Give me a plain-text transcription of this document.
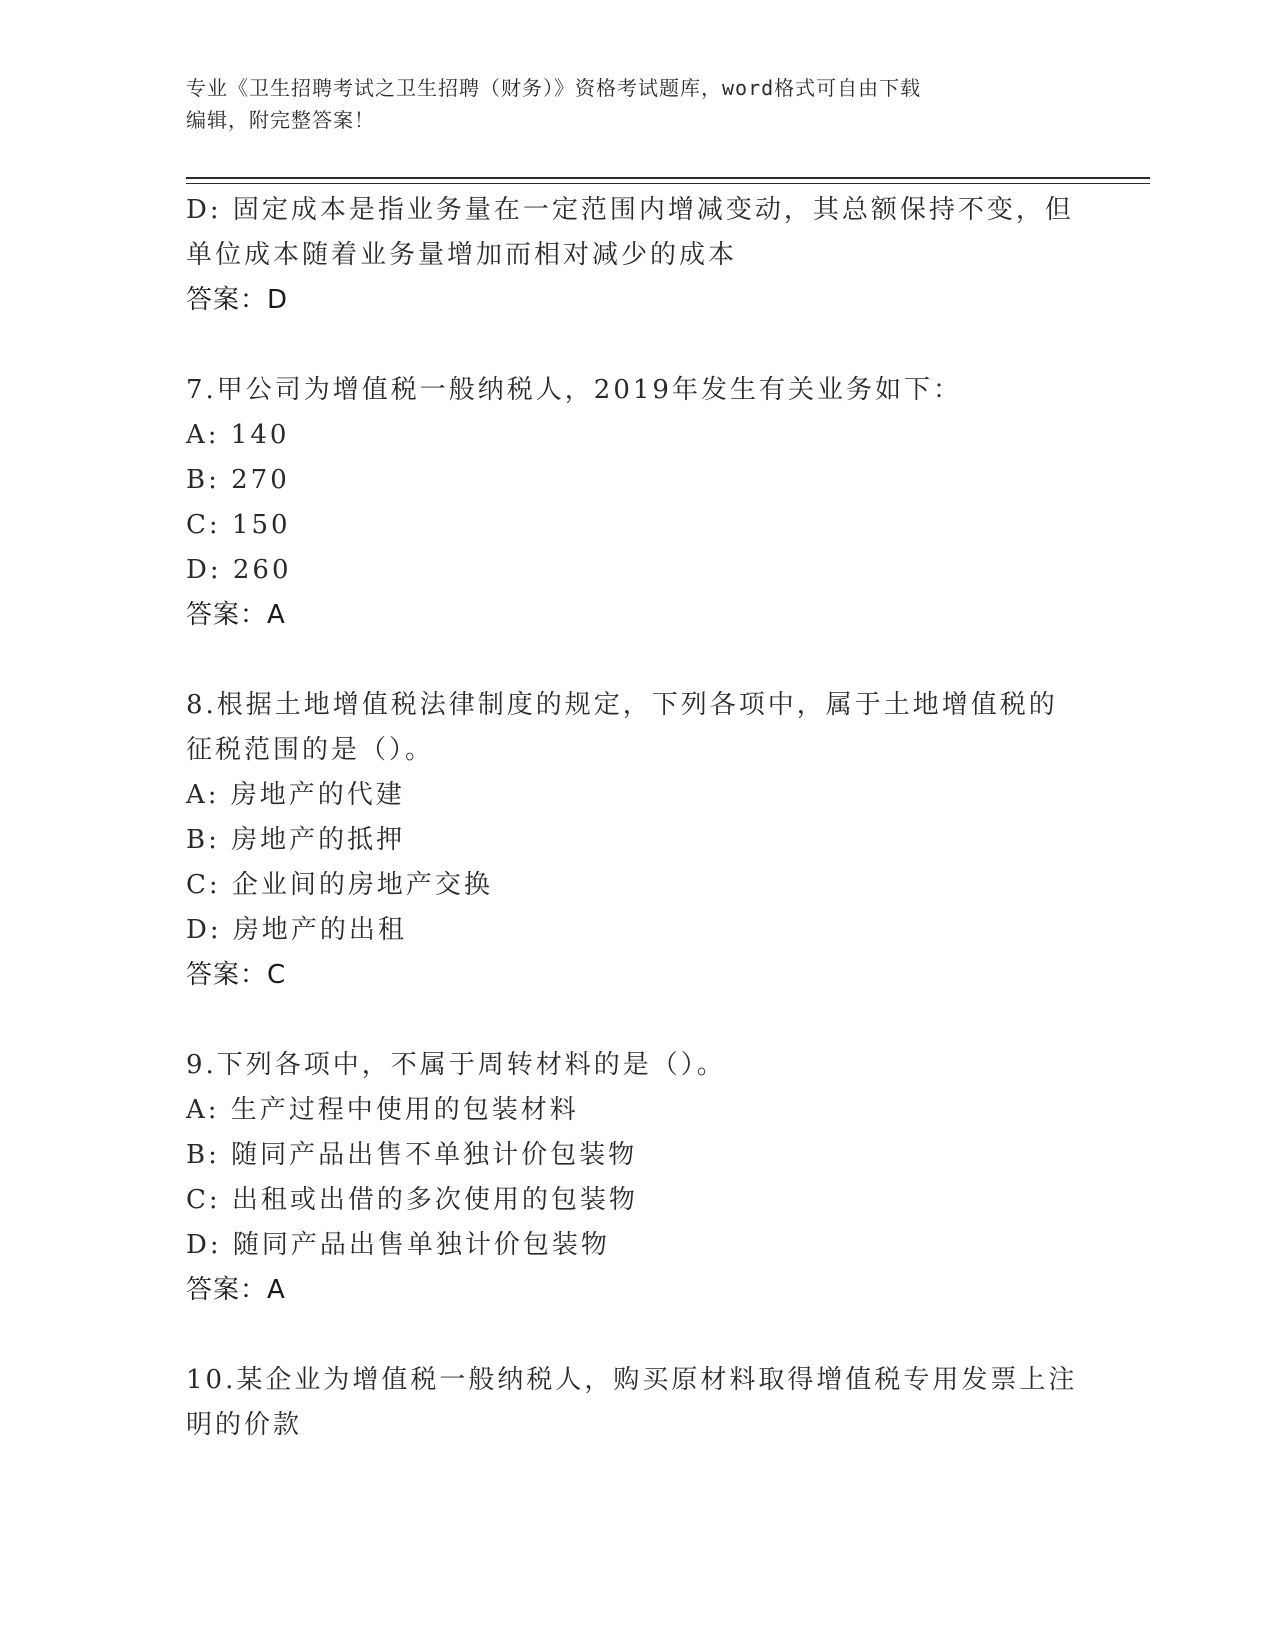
专业《卫生招聘考试之卫生招聘（财务）》资格考试题库，word格式可自由下载
编辑，附完整答案！
D: 固定成本是指业务量在一定范围内增减变动，其总额保持不变，但
单位成本随着业务量增加而相对减少的成本
答案：D
7.甲公司为增值税一般纳税人，2019年发生有关业务如下：
A: 140
B: 270
C: 150
D: 260
答案：A
8.根据土地增值税法律制度的规定，下列各项中，属于土地增值税的
征税范围的是（）。
A: 房地产的代建
B: 房地产的抵押
C: 企业间的房地产交换
D: 房地产的出租
答案：C
9.下列各项中，不属于周转材料的是（）。
A: 生产过程中使用的包装材料
B: 随同产品出售不单独计价包装物
C: 出租或出借的多次使用的包装物
D: 随同产品出售单独计价包装物
答案：A
10.某企业为增值税一般纳税人，购买原材料取得增值税专用发票上注
明的价款
